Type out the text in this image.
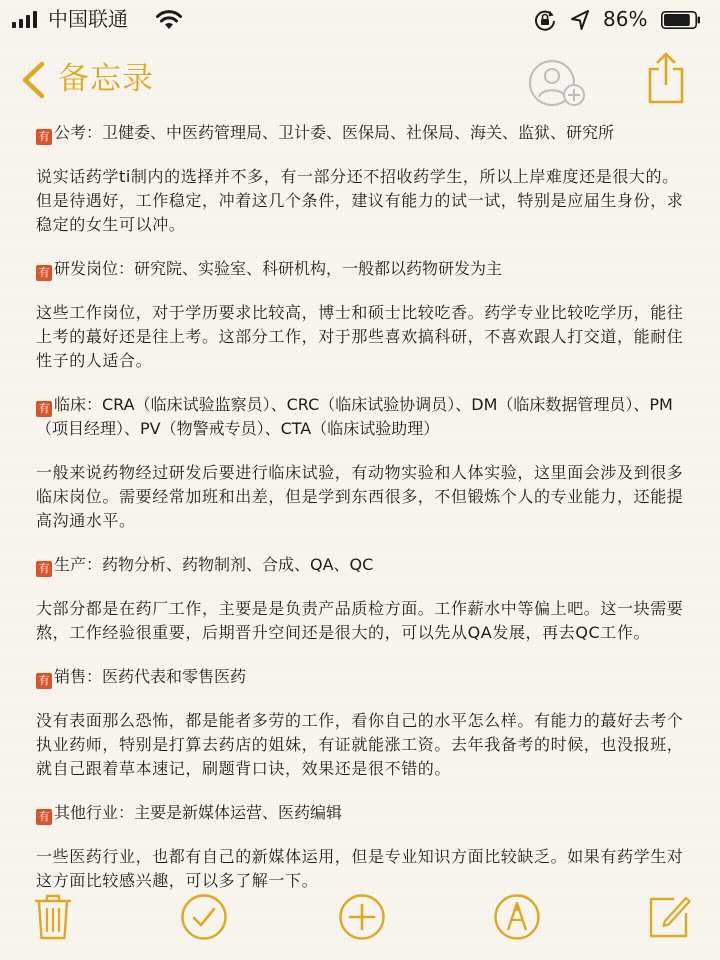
中国联通	86%
备忘录
有 公考：卫健委、中医药管理局、卫计委、医保局、社保局、海关、监狱、研究所
说实话药学ti制内的选择并不多，有一部分还不招收药学生，所以上岸难度还是很大的。但是待遇好，工作稳定，冲着这几个条件，建议有能力的试一试，特别是应届生身份，求稳定的女生可以冲。
有 研发岗位：研究院、实验室、科研机构，一般都以药物研发为主
这些工作岗位，对于学历要求比较高，博士和硕士比较吃香。药学专业比较吃学历，能往上考的蕞好还是往上考。这部分工作，对于那些喜欢搞科研，不喜欢跟人打交道，能耐住性子的人适合。
有 临床：CRA（临床试验监察员）、CRC（临床试验协调员）、DM（临床数据管理员）、PM（项目经理）、PV（物警戒专员）、CTA（临床试验助理）
一般来说药物经过研发后要进行临床试验，有动物实验和人体实验，这里面会涉及到很多临床岗位。需要经常加班和出差，但是学到东西很多，不但锻炼个人的专业能力，还能提高沟通水平。
有 生产：药物分析、药物制剂、合成、QA、QC
大部分都是在药厂工作，主要是是负责产品质检方面。工作薪水中等偏上吧。这一块需要熬，工作经验很重要，后期晋升空间还是很大的，可以先从QA发展，再去QC工作。
有 销售：医药代表和零售医药
没有表面那么恐怖，都是能者多劳的工作，看你自己的水平怎么样。有能力的蕞好去考个执业药师，特别是打算去药店的姐妹，有证就能涨工资。去年我备考的时候，也没报班，就自己跟着草本速记，刷题背口诀，效果还是很不错的。
有 其他行业：主要是新媒体运营、医药编辑
一些医药行业，也都有自己的新媒体运用，但是专业知识方面比较缺乏。如果有药学生对这方面比较感兴趣，可以多了解一下。
